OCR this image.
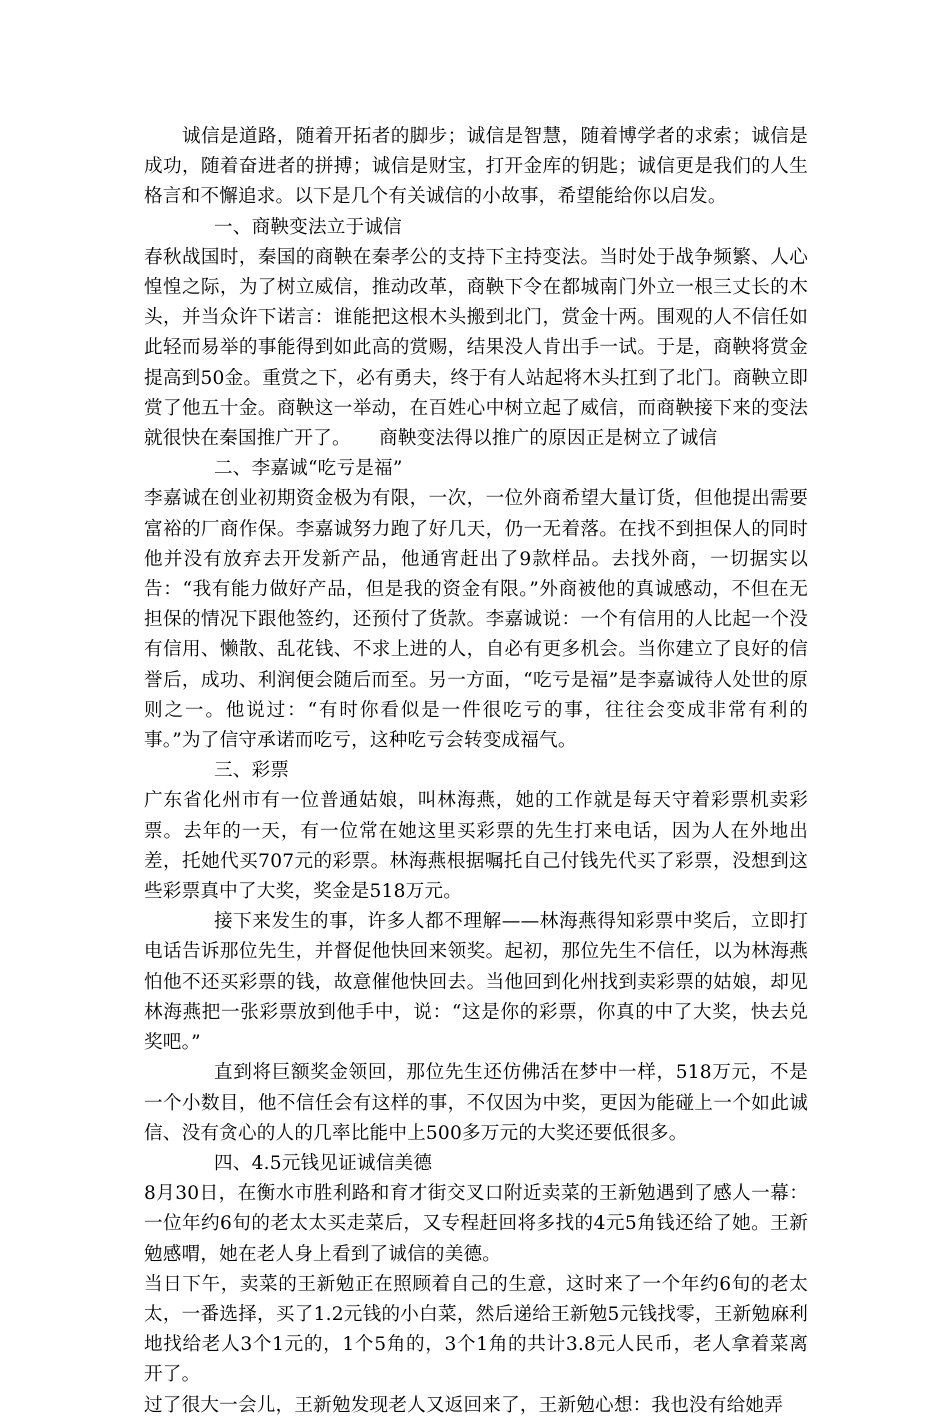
诚信是道路，随着开拓者的脚步；诚信是智慧，随着博学者的求索；诚信是成功，随着奋进者的拼搏；诚信是财宝，打开金库的钥匙；诚信更是我们的人生格言和不懈追求。以下是几个有关诚信的小故事，希望能给你以启发。

一、商鞅变法立于诚信

春秋战国时，秦国的商鞅在秦孝公的支持下主持变法。当时处于战争频繁、人心惶惶之际，为了树立威信，推动改革，商鞅下令在都城南门外立一根三丈长的木头，并当众许下诺言：谁能把这根木头搬到北门，赏金十两。围观的人不信任如此轻而易举的事能得到如此高的赏赐，结果没人肯出手一试。于是，商鞅将赏金提高到50金。重赏之下，必有勇夫，终于有人站起将木头扛到了北门。商鞅立即赏了他五十金。商鞅这一举动，在百姓心中树立起了威信，而商鞅接下来的变法就很快在秦国推广开了。　　商鞅变法得以推广的原因正是树立了诚信

二、李嘉诚“吃亏是福”

李嘉诚在创业初期资金极为有限，一次，一位外商希望大量订货，但他提出需要富裕的厂商作保。李嘉诚努力跑了好几天，仍一无着落。在找不到担保人的同时他并没有放弃去开发新产品，他通宵赶出了9款样品。去找外商，一切据实以告：“我有能力做好产品，但是我的资金有限。”外商被他的真诚感动，不但在无担保的情况下跟他签约，还预付了货款。李嘉诚说：一个有信用的人比起一个没有信用、懒散、乱花钱、不求上进的人，自必有更多机会。当你建立了良好的信誉后，成功、利润便会随后而至。另一方面，“吃亏是福”是李嘉诚待人处世的原则之一。他说过：“有时你看似是一件很吃亏的事，往往会变成非常有利的事。”为了信守承诺而吃亏，这种吃亏会转变成福气。

三、彩票

广东省化州市有一位普通姑娘，叫林海燕，她的工作就是每天守着彩票机卖彩票。去年的一天，有一位常在她这里买彩票的先生打来电话，因为人在外地出差，托她代买707元的彩票。林海燕根据嘱托自己付钱先代买了彩票，没想到这些彩票真中了大奖，奖金是518万元。

接下来发生的事，许多人都不理解——林海燕得知彩票中奖后，立即打电话告诉那位先生，并督促他快回来领奖。起初，那位先生不信任，以为林海燕怕他不还买彩票的钱，故意催他快回去。当他回到化州找到卖彩票的姑娘，却见林海燕把一张彩票放到他手中，说：“这是你的彩票，你真的中了大奖，快去兑奖吧。”

直到将巨额奖金领回，那位先生还仿佛活在梦中一样，518万元，不是一个小数目，他不信任会有这样的事，不仅因为中奖，更因为能碰上一个如此诚信、没有贪心的人的几率比能中上500多万元的大奖还要低很多。

四、4.5元钱见证诚信美德

8月30日，在衡水市胜利路和育才街交叉口附近卖菜的王新勉遇到了感人一幕：一位年约6旬的老太太买走菜后，又专程赶回将多找的4元5角钱还给了她。王新勉感喟，她在老人身上看到了诚信的美德。

当日下午，卖菜的王新勉正在照顾着自己的生意，这时来了一个年约6旬的老太太，一番选择，买了1.2元钱的小白菜，然后递给王新勉5元钱找零，王新勉麻利地找给老人3个1元的，1个5角的，3个1角的共计3.8元人民币，老人拿着菜离开了。

过了很大一会儿，王新勉发现老人又返回来了，王新勉心想：我也没有给她弄
